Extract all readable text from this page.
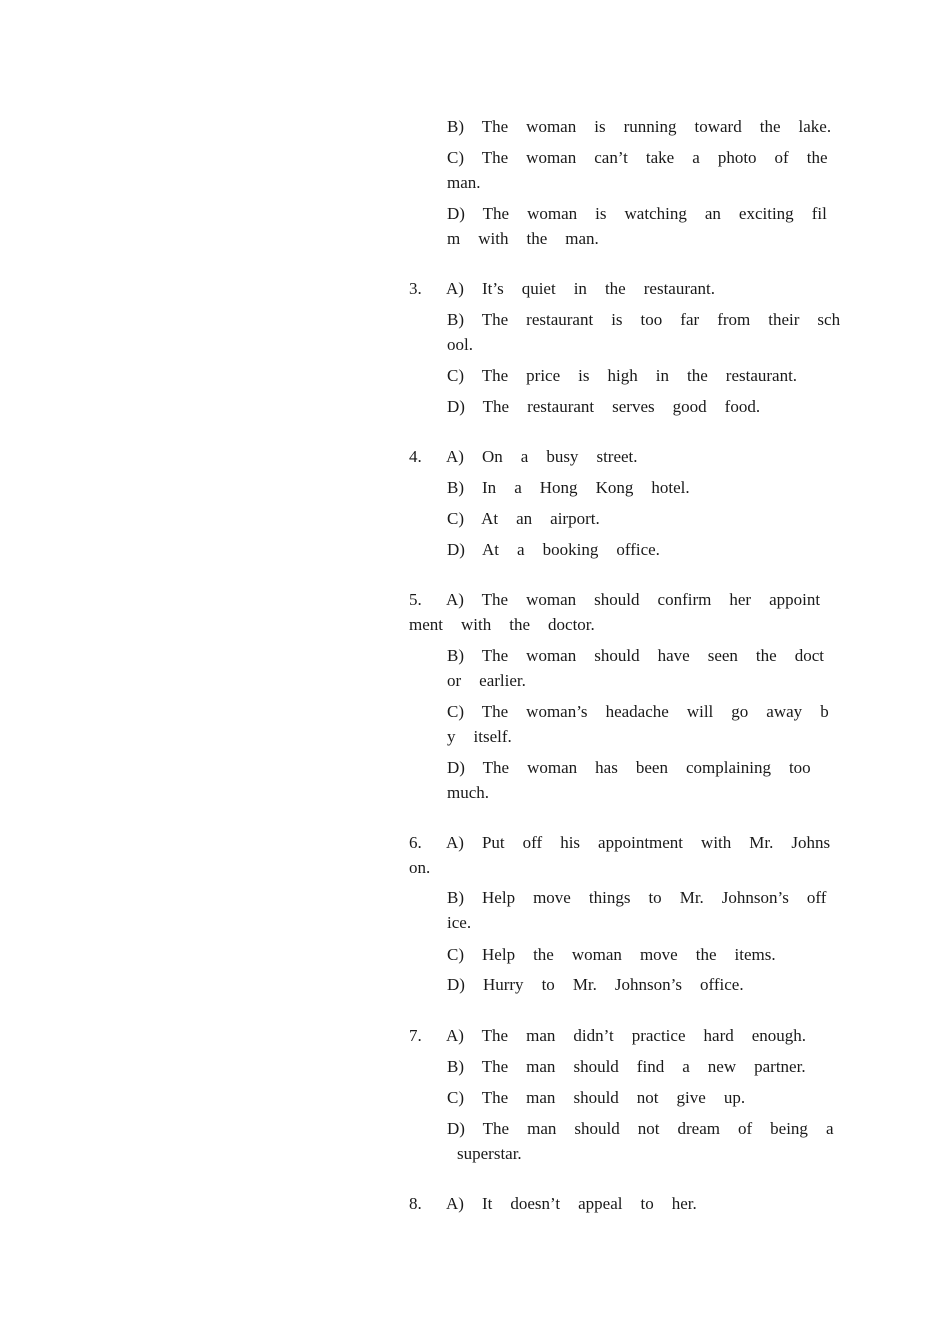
B)  The  woman  is  running  toward  the  lake.
C)  The  woman  can’t  take  a  photo  of  the
man.
D)  The  woman  is  watching  an  exciting  fil
m  with  the  man.
3. A)  It’s  quiet  in  the  restaurant.
B)  The  restaurant  is  too  far  from  their  sch
ool.
C)  The  price  is  high  in  the  restaurant.
D)  The  restaurant  serves  good  food.
4. A)  On  a  busy  street.
B)  In  a  Hong  Kong  hotel.
C)  At  an  airport.
D)  At  a  booking  office.
5. A)  The  woman  should  confirm  her  appoint
ment  with  the  doctor.
B)  The  woman  should  have  seen  the  doct
or  earlier.
C)  The  woman’s  headache  will  go  away  b
y  itself.
D)  The  woman  has  been  complaining  too
much.
6. A)  Put  off  his  appointment  with  Mr.  Johns
on.
B)  Help  move  things  to  Mr.  Johnson’s  off
ice.
C)  Help  the  woman  move  the  items.
D)  Hurry  to  Mr.  Johnson’s  office.
7. A)  The  man  didn’t  practice  hard  enough.
B)  The  man  should  find  a  new  partner.
C)  The  man  should  not  give  up.
D)  The  man  should  not  dream  of  being  a
superstar.
8. A)  It  doesn’t  appeal  to  her.
